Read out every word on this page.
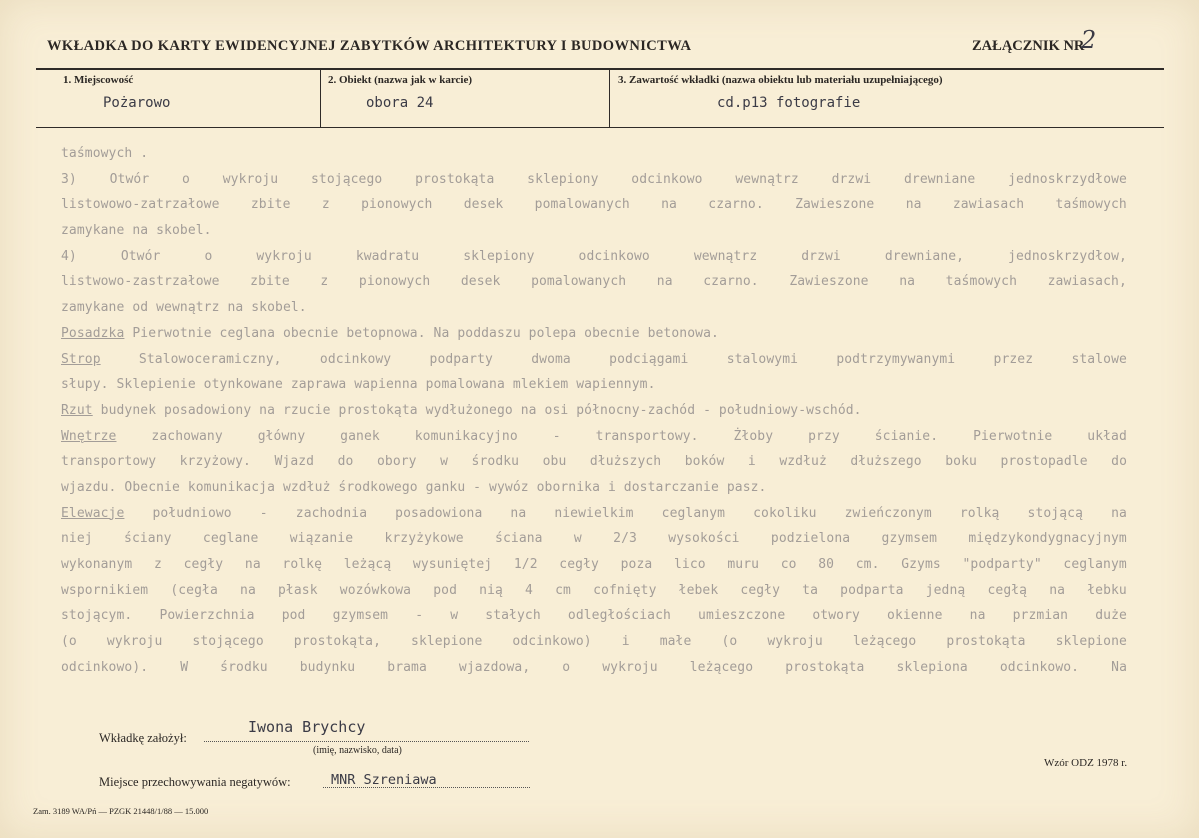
WKŁADKA DO KARTY EWIDENCYJNEJ ZABYTKÓW ARCHITEKTURY I BUDOWNICTWA	ZAŁĄCZNIK NR
2
1. Miejscowość
Pożarowo
2. Obiekt (nazwa jak w karcie)
obora 24
3. Zawartość wkładki (nazwa obiektu lub materiału uzupełniającego)
cd.p13 fotografie
taśmowych .
3)	Otwór	o	wykroju	stojącego	prostokąta	sklepiony	odcinkowo	wewnątrz	drzwi	drewniane	jednoskrzydłowe
listowowo-zatrzałowe zbite z pionowych desek pomalowanych na czarno. Zawieszone na zawiasach taśmowych
zamykane na skobel.
4)	Otwór	o	wykroju	kwadratu	sklepiony	odcinkowo	wewnątrz	drzwi	drewniane,	jednoskrzydłow,
listwowo-zastrzałowe zbite z pionowych desek pomalowanych na czarno. Zawieszone na taśmowych zawiasach,
zamykane od wewnątrz na skobel.
Posadzka Pierwotnie ceglana obecnie betopnowa. Na poddaszu polepa obecnie betonowa.
Strop	Stalowoceramiczny,	odcinkowy	podparty	dwoma	podciągami	stalowymi	podtrzymywanymi	przez	stalowe
słupy. Sklepienie otynkowane zaprawa wapienna pomalowana mlekiem wapiennym.
Rzut budynek posadowiony na rzucie prostokąta wydłużonego na osi północny-zachód - południowy-wschód.
Wnętrze	zachowany	główny	ganek	komunikacyjno	-	transportowy.	Żłoby	przy	ścianie.	Pierwotnie	układ
transportowy krzyżowy. Wjazd do obory w środku obu dłuższych boków i wzdłuż dłuższego boku prostopadle do
wjazdu. Obecnie komunikacja wzdłuż środkowego ganku - wywóz obornika i dostarczanie pasz.
Elewacje południowo - zachodnia posadowiona na niewielkim ceglanym cokoliku zwieńczonym rolką stojącą na
niej ściany ceglane wiązanie krzyżykowe ściana w 2/3 wysokości podzielona gzymsem międzykondygnacyjnym
wykonanym z cegły na rolkę leżącą wysuniętej 1/2 cegły poza lico muru co 80 cm. Gzyms "podparty" ceglanym
wspornikiem (cegła na płask wozówkowa pod nią 4 cm cofnięty łebek cegły ta podparta jedną cegłą na łebku
stojącym. Powierzchnia pod gzymsem - w stałych odległościach umieszczone otwory okienne na przmian duże
(o wykroju stojącego prostokąta, sklepione odcinkowo) i małe (o wykroju leżącego prostokąta sklepione
odcinkowo). W środku budynku brama wjazdowa, o wykroju leżącego prostokąta sklepiona odcinkowo. Na
Wkładkę założył:
Iwona Brychcy
(imię, nazwisko, data)
Miejsce przechowywania negatywów:	MNR Szreniawa
Wzór ODZ 1978 r.
Zam. 3189 WA/Pń — PZGK 21448/1/88 — 15.000
